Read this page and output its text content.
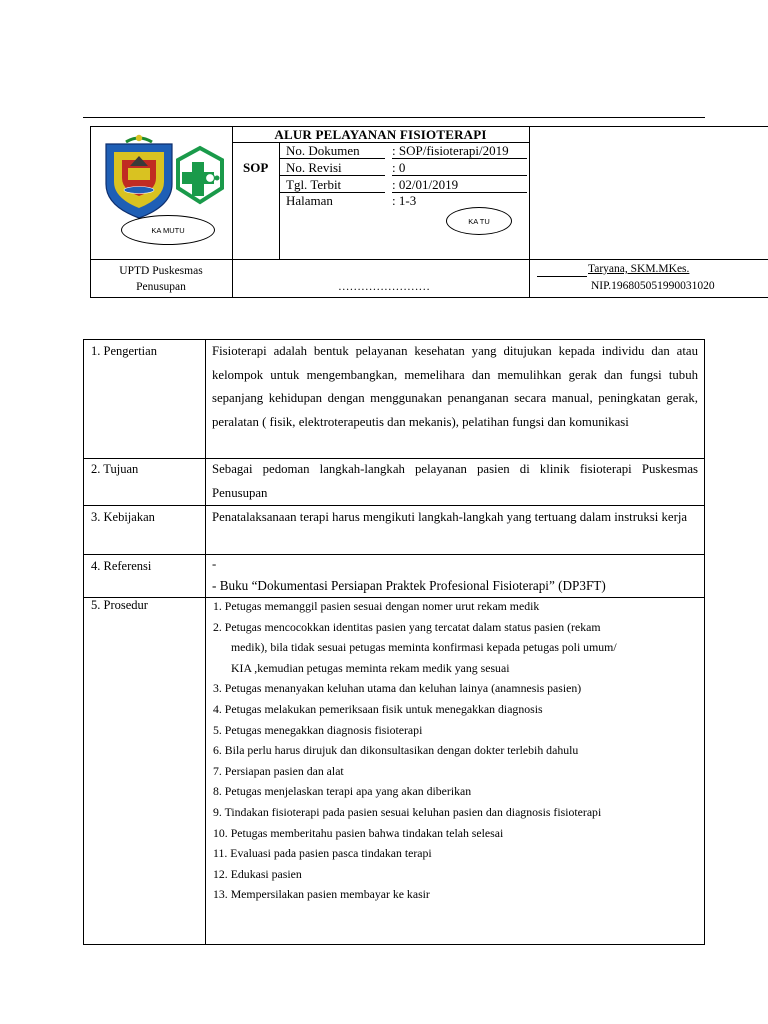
KA MUTU
KA TU
ALUR PELAYANAN FISIOTERAPI
SOP
No. Dokumen : SOP/fisioterapi/2019
No. Revisi	: 0
Tgl. Terbit	: 02/01/2019
Halaman	: 1-3
UPTD Puskesmas
Penusupan	……………………
Taryana, SKM.MKes.
NIP.196805051990031020
1. Pengertian	Fisioterapi adalah bentuk pelayanan kesehatan yang ditujukan kepada individu dan atau kelompok untuk mengembangkan, memelihara dan memulihkan gerak dan fungsi tubuh sepanjang kehidupan dengan menggunakan penanganan secara manual, peningkatan gerak, peralatan ( fisik, elektroterapeutis dan mekanis), pelatihan fungsi dan komunikasi
2. Tujuan	Sebagai pedoman langkah-langkah pelayanan pasien di klinik fisioterapi Puskesmas Penusupan
3. Kebijakan	Penatalaksanaan terapi harus mengikuti langkah-langkah yang tertuang dalam instruksi kerja
4. Referensi	-
- Buku “Dokumentasi Persiapan Praktek Profesional Fisioterapi” (DP3FT)
5. Prosedur	1. Petugas memanggil pasien sesuai dengan nomer urut rekam medik
2. Petugas mencocokkan identitas pasien yang tercatat dalam status pasien (rekam
medik), bila tidak sesuai petugas meminta konfirmasi kepada petugas poli umum/
KIA ,kemudian petugas meminta rekam medik yang sesuai
3. Petugas menanyakan keluhan utama dan keluhan lainya (anamnesis pasien)
4. Petugas melakukan pemeriksaan fisik untuk menegakkan diagnosis
5. Petugas menegakkan diagnosis fisioterapi
6. Bila perlu harus dirujuk dan dikonsultasikan dengan dokter terlebih dahulu
7. Persiapan pasien dan alat
8. Petugas menjelaskan terapi apa yang akan diberikan
9. Tindakan fisioterapi pada pasien sesuai keluhan pasien dan diagnosis fisioterapi
10. Petugas memberitahu pasien bahwa tindakan telah selesai
11. Evaluasi pada pasien pasca tindakan terapi
12. Edukasi pasien
13. Mempersilakan pasien membayar ke kasir
